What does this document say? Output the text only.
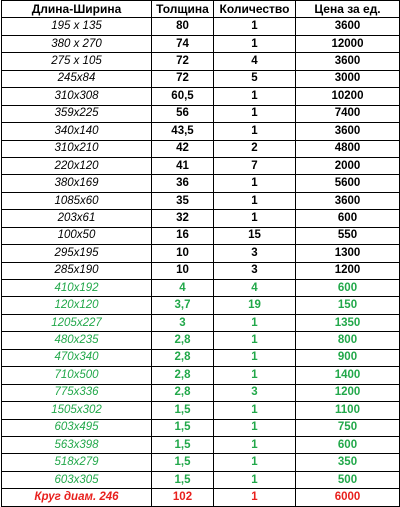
Длина-Ширина	Толщина	Количество	Цена за ед.
195 x 135	80	1	3600
380 x 270	74	1	12000
275 x 105	72	4	3600
245x84	72	5	3000
310x308	60,5	1	10200
359x225	56	1	7400
340x140	43,5	1	3600
310x210	42	2	4800
220x120	41	7	2000
380x169	36	1	5600
1085x60	35	1	3600
203x61	32	1	600
100x50	16	15	550
295x195	10	3	1300
285x190	10	3	1200
410x192	4	4	600
120x120	3,7	19	150
1205x227	3	1	1350
480x235	2,8	1	800
470x340	2,8	1	900
710x500	2,8	1	1400
775x336	2,8	3	1200
1505x302	1,5	1	1100
603x495	1,5	1	750
563x398	1,5	1	600
518x279	1,5	1	350
603x305	1,5	1	500
Круг диам. 246	102	1	6000
